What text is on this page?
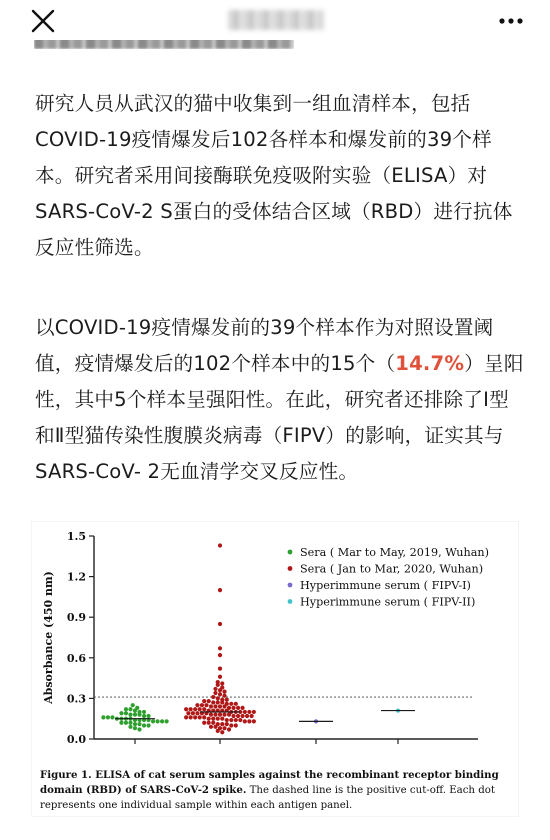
研究人员从武汉的猫中收集到一组血清样本，包括COVID-19疫情爆发后102各样本和爆发前的39个样本。研究者采用间接酶联免疫吸附实验（ELISA）对SARS-CoV-2 S蛋白的受体结合区域（RBD）进行抗体反应性筛选。

以COVID-19疫情爆发前的39个样本作为对照设置阈值，疫情爆发后的102个样本中的15个（14.7%）呈阳性，其中5个样本呈强阳性。在此，研究者还排除了Ⅰ型和Ⅱ型猫传染性腹膜炎病毒（FIPV）的影响，证实其与SARS-CoV- 2无血清学交叉反应性。

0.0
0.3
0.6
0.9
1.2
1.5
Absorbance (450 nm)
Sera ( Mar to May, 2019, Wuhan)
Sera ( Jan to Mar, 2020, Wuhan)
Hyperimmune serum ( FIPV-I)
Hyperimmune serum ( FIPV-II)

Figure 1. ELISA of cat serum samples against the recombinant receptor binding domain (RBD) of SARS-CoV-2 spike. The dashed line is the positive cut-off. Each dot represents one individual sample within each antigen panel.
